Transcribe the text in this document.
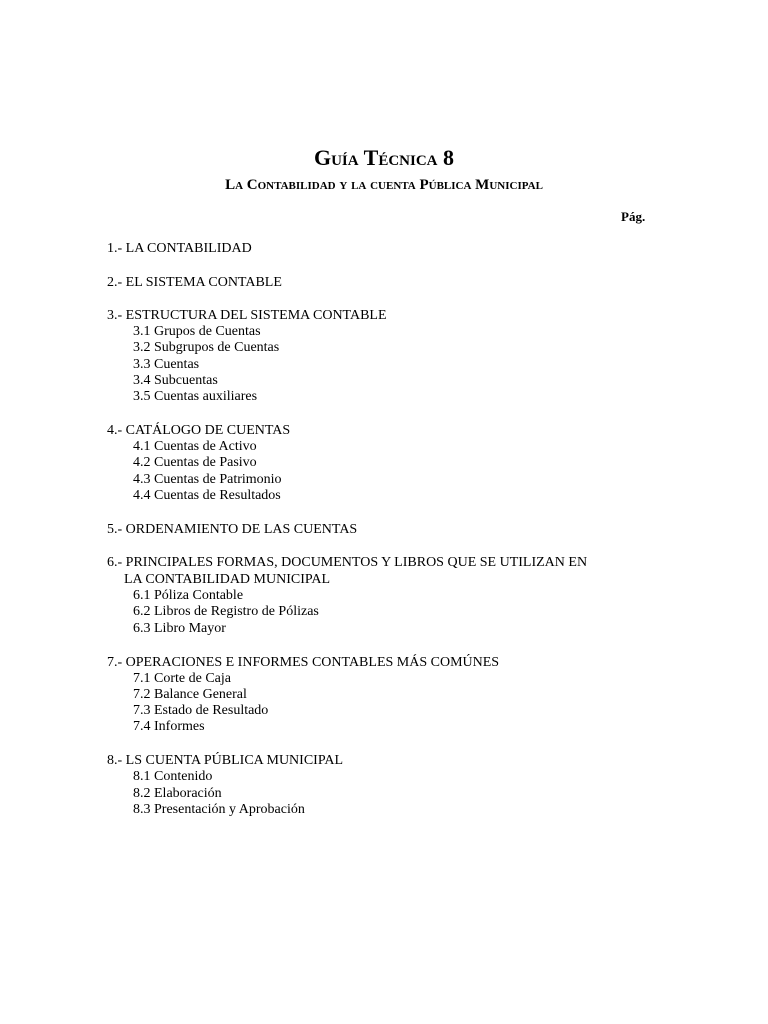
Guía Técnica 8
La Contabilidad y la cuenta Pública Municipal
Pág.
1.- LA CONTABILIDAD
2.- EL SISTEMA CONTABLE
3.- ESTRUCTURA DEL SISTEMA CONTABLE
3.1 Grupos de Cuentas
3.2 Subgrupos de Cuentas
3.3 Cuentas
3.4 Subcuentas
3.5 Cuentas auxiliares
4.- CATÁLOGO DE CUENTAS
4.1 Cuentas de Activo
4.2 Cuentas de Pasivo
4.3 Cuentas de Patrimonio
4.4 Cuentas de Resultados
5.- ORDENAMIENTO DE LAS CUENTAS
6.- PRINCIPALES FORMAS, DOCUMENTOS Y LIBROS QUE SE UTILIZAN EN
LA CONTABILIDAD MUNICIPAL
6.1 Póliza Contable
6.2 Libros de Registro de Pólizas
6.3 Libro Mayor
7.- OPERACIONES E INFORMES CONTABLES MÁS COMÚNES
7.1 Corte de Caja
7.2 Balance General
7.3 Estado de Resultado
7.4 Informes
8.- LS CUENTA PÚBLICA MUNICIPAL
8.1 Contenido
8.2 Elaboración
8.3 Presentación y Aprobación
